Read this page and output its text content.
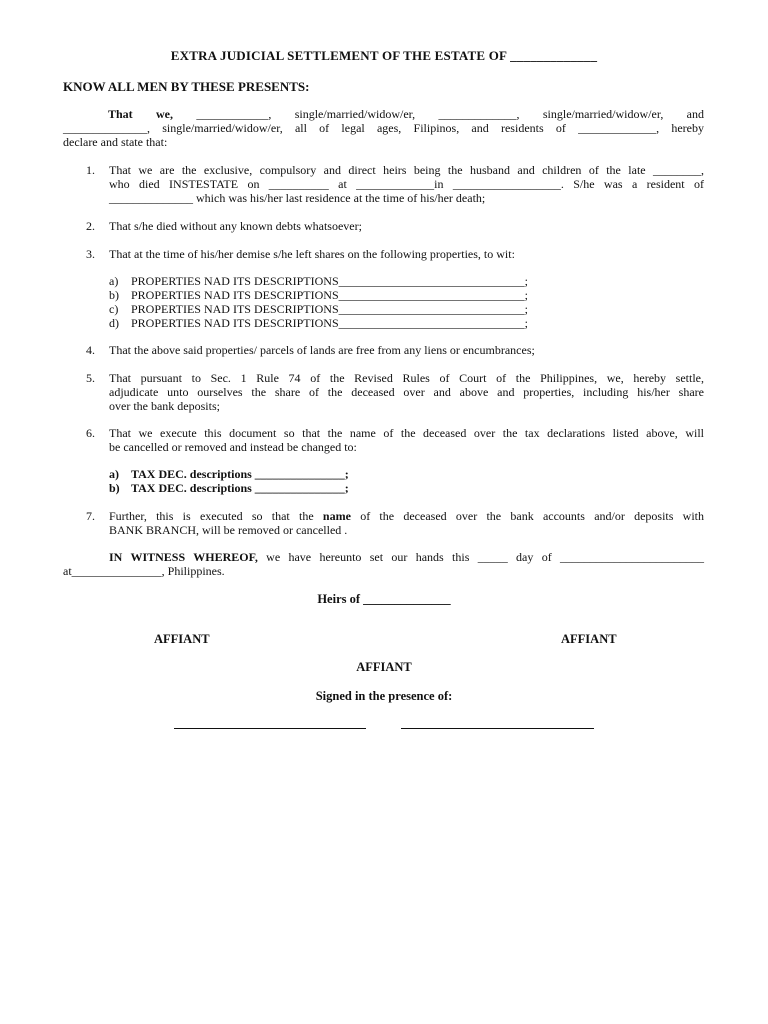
EXTRA JUDICIAL SETTLEMENT OF THE ESTATE OF _____________
KNOW ALL MEN BY THESE PRESENTS:
That we, ____________, single/married/widow/er, _____________, single/married/widow/er, and
______________, single/married/widow/er, all of legal ages, Filipinos, and residents of _____________, hereby
declare and state that:
1. That we are the exclusive, compulsory and direct heirs being the husband and children of the late ________,
who died INSTESTATE on __________ at _____________in __________________. S/he was a resident of
______________ which was his/her last residence at the time of his/her death;
2. That s/he died without any known debts whatsoever;
3. That at the time of his/her demise s/he left shares on the following properties, to wit:
a) PROPERTIES NAD ITS DESCRIPTIONS_______________________________;
b) PROPERTIES NAD ITS DESCRIPTIONS_______________________________;
c) PROPERTIES NAD ITS DESCRIPTIONS_______________________________;
d) PROPERTIES NAD ITS DESCRIPTIONS_______________________________;
4. That the above said properties/ parcels of lands are free from any liens or encumbrances;
5. That pursuant to Sec. 1 Rule 74 of the Revised Rules of Court of the Philippines, we, hereby settle,
adjudicate unto ourselves the share of the deceased over and above and properties, including his/her share
over the bank deposits;
6. That we execute this document so that the name of the deceased over the tax declarations listed above, will
be cancelled or removed and instead be changed to:
a) TAX DEC. descriptions _______________;
b) TAX DEC. descriptions _______________;
7. Further, this is executed so that the name of the deceased over the bank accounts and/or deposits with
BANK BRANCH, will be removed or cancelled .
IN WITNESS WHEREOF, we have hereunto set our hands this _____ day of ________________________
at_______________, Philippines.
Heirs of ______________
AFFIANT	AFFIANT
AFFIANT
Signed in the presence of:
